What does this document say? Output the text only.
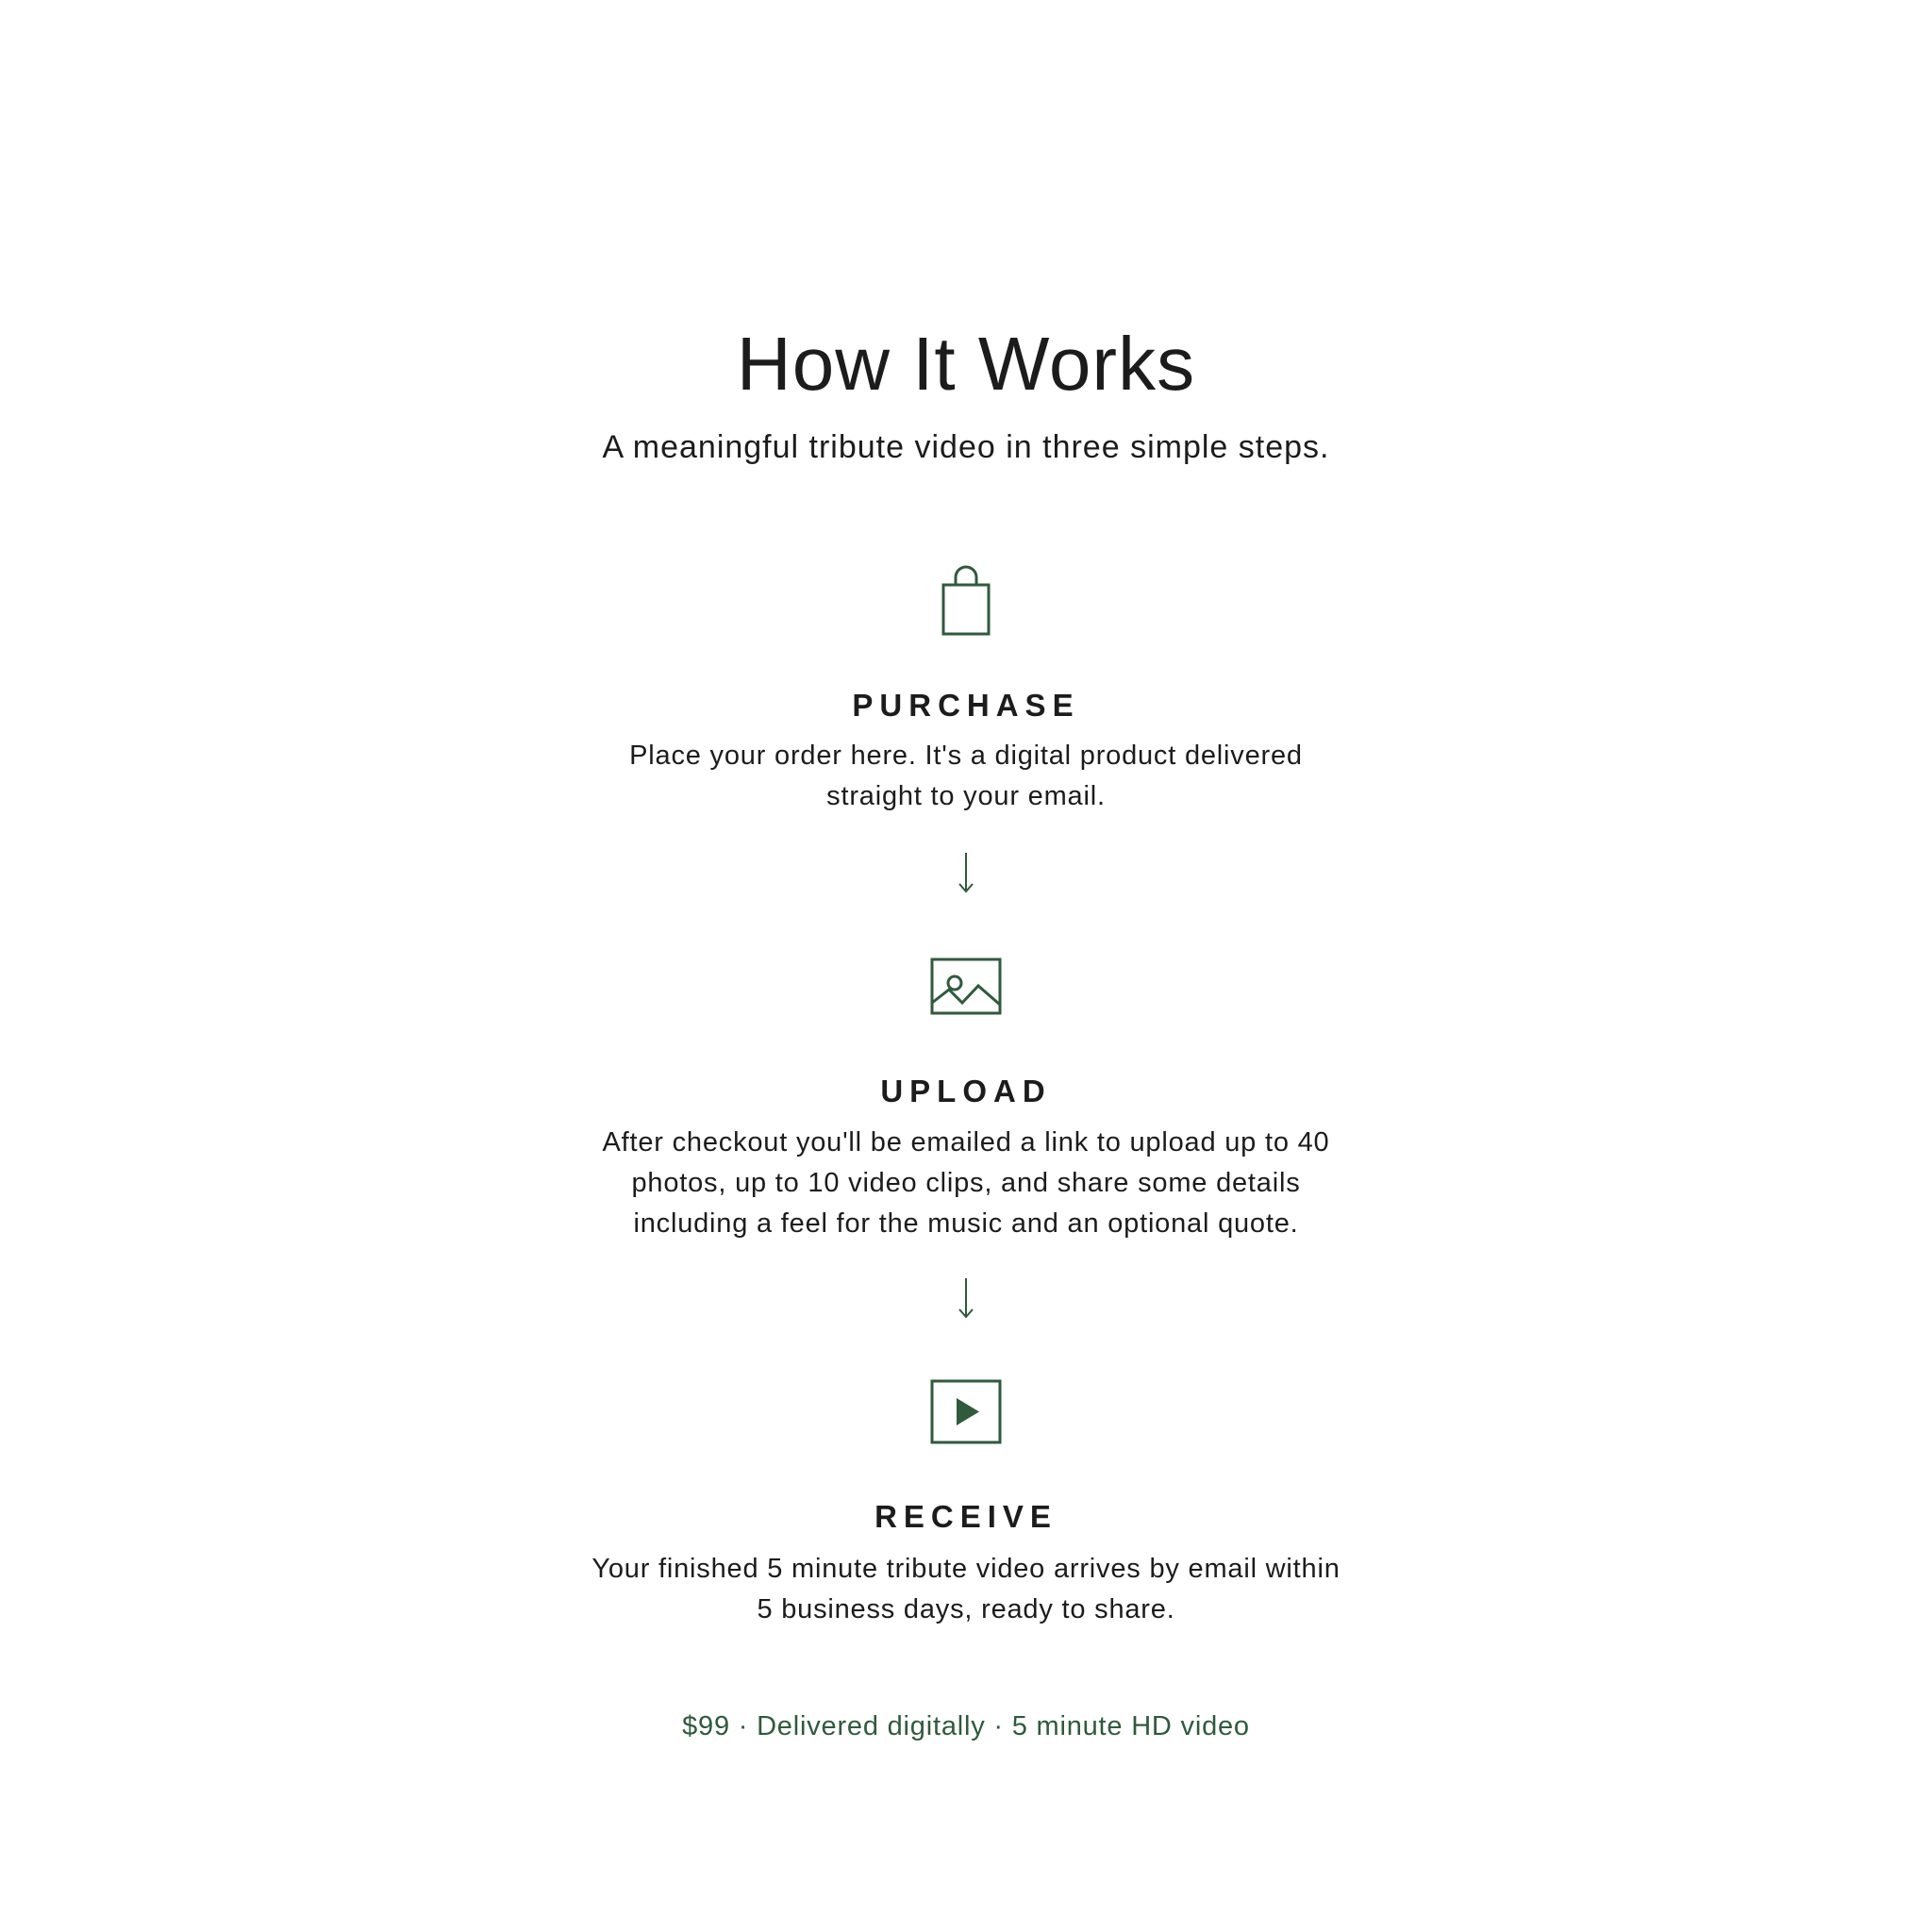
How It Works
A meaningful tribute video in three simple steps.
PURCHASE
Place your order here. It's a digital product delivered
straight to your email.
UPLOAD
After checkout you'll be emailed a link to upload up to 40
photos, up to 10 video clips, and share some details
including a feel for the music and an optional quote.
RECEIVE
Your finished 5 minute tribute video arrives by email within
5 business days, ready to share.
$99 · Delivered digitally · 5 minute HD video
